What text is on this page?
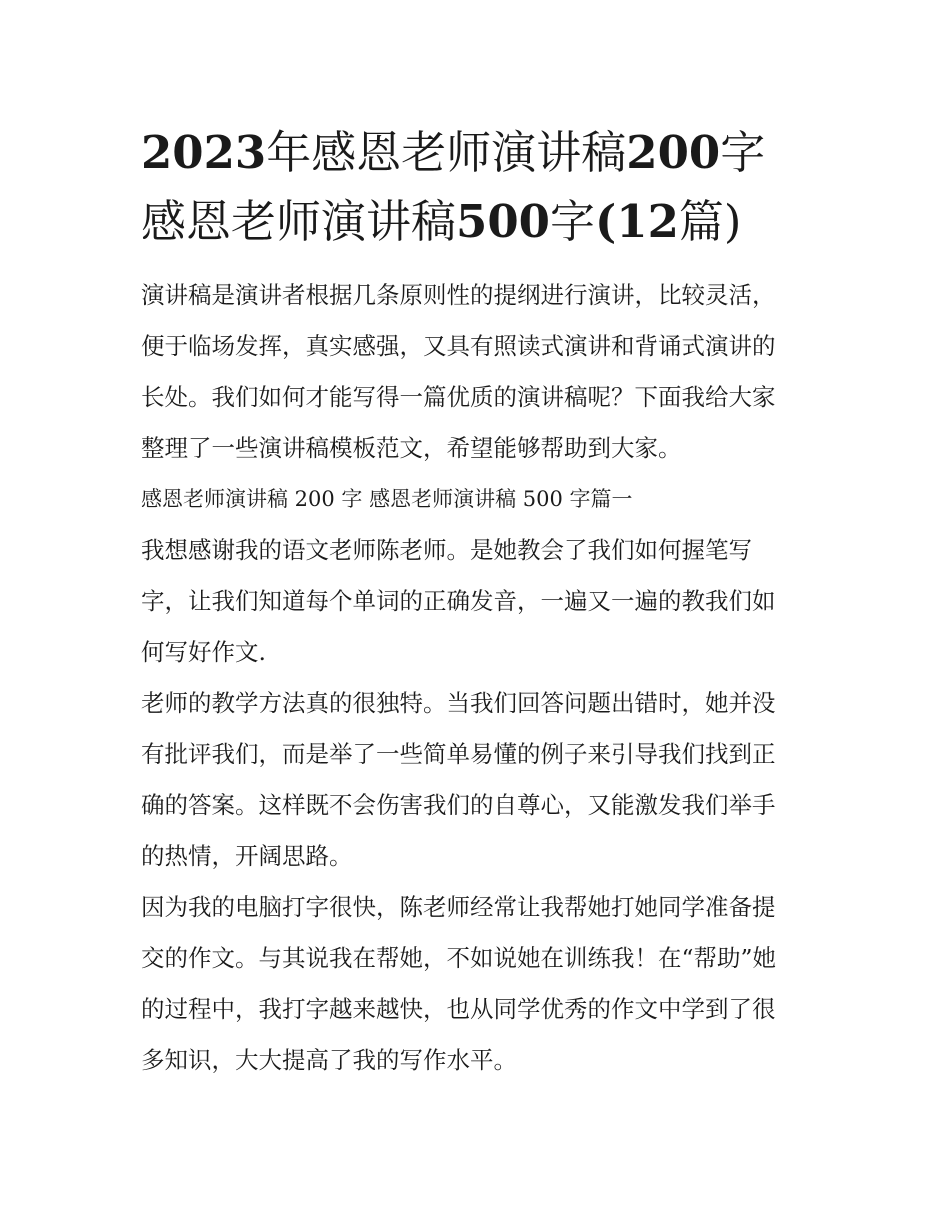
2023年感恩老师演讲稿200字
感恩老师演讲稿500字(12篇)

演讲稿是演讲者根据几条原则性的提纲进行演讲，比较灵活，
便于临场发挥，真实感强，又具有照读式演讲和背诵式演讲的
长处。我们如何才能写得一篇优质的演讲稿呢？下面我给大家
整理了一些演讲稿模板范文，希望能够帮助到大家。

感恩老师演讲稿 200 字 感恩老师演讲稿 500 字篇一

我想感谢我的语文老师陈老师。是她教会了我们如何握笔写
字，让我们知道每个单词的正确发音，一遍又一遍的教我们如
何写好作文.

老师的教学方法真的很独特。当我们回答问题出错时，她并没
有批评我们，而是举了一些简单易懂的例子来引导我们找到正
确的答案。这样既不会伤害我们的自尊心，又能激发我们举手
的热情，开阔思路。

因为我的电脑打字很快，陈老师经常让我帮她打她同学准备提
交的作文。与其说我在帮她，不如说她在训练我！在“帮助”她
的过程中，我打字越来越快，也从同学优秀的作文中学到了很
多知识，大大提高了我的写作水平。
